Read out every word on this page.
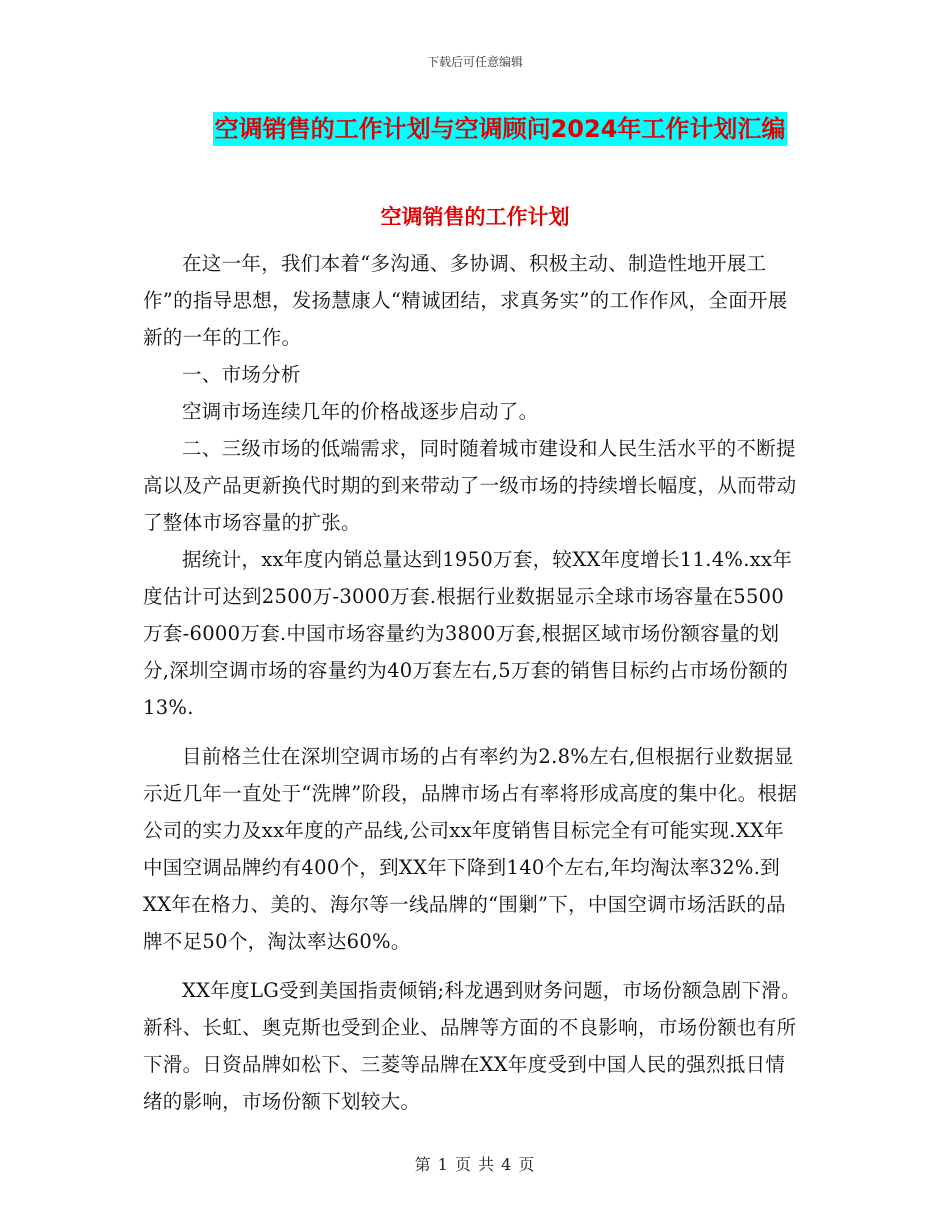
下载后可任意编辑
空调销售的工作计划与空调顾问2024年工作计划汇编
空调销售的工作计划

在这一年，我们本着“多沟通、多协调、积极主动、制造性地开展工作”的指导思想，发扬慧康人“精诚团结，求真务实”的工作作风，全面开展新的一年的工作。

一、市场分析

空调市场连续几年的价格战逐步启动了。

二、三级市场的低端需求，同时随着城市建设和人民生活水平的不断提高以及产品更新换代时期的到来带动了一级市场的持续增长幅度，从而带动了整体市场容量的扩张。

据统计，xx年度内销总量达到1950万套，较XX年度增长11.4%.xx年度估计可达到2500万-3000万套.根据行业数据显示全球市场容量在5500万套-6000万套.中国市场容量约为3800万套,根据区域市场份额容量的划分,深圳空调市场的容量约为40万套左右,5万套的销售目标约占市场份额的13%.

目前格兰仕在深圳空调市场的占有率约为2.8%左右,但根据行业数据显示近几年一直处于“洗牌”阶段，品牌市场占有率将形成高度的集中化。根据公司的实力及xx年度的产品线,公司xx年度销售目标完全有可能实现.XX年中国空调品牌约有400个，到XX年下降到140个左右,年均淘汰率32%.到XX年在格力、美的、海尔等一线品牌的“围剿”下，中国空调市场活跃的品牌不足50个，淘汰率达60%。

XX年度LG受到美国指责倾销;科龙遇到财务问题，市场份额急剧下滑。新科、长虹、奥克斯也受到企业、品牌等方面的不良影响，市场份额也有所下滑。日资品牌如松下、三菱等品牌在XX年度受到中国人民的强烈抵日情绪的影响，市场份额下划较大。

第 1 页 共 4 页
